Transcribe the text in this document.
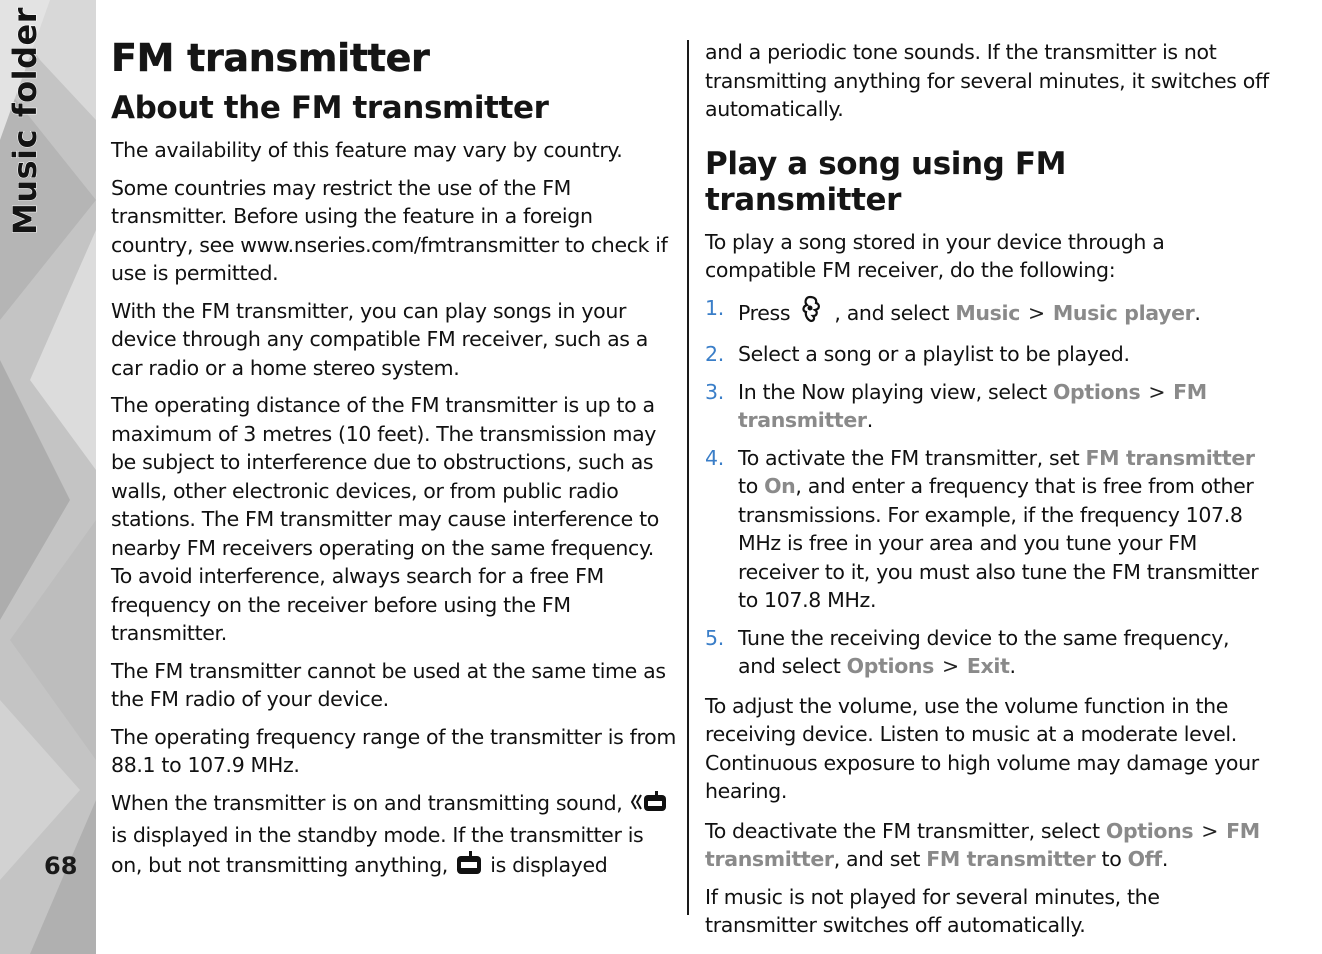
Music folder
68
FM transmitter
About the FM transmitter

The availability of this feature may vary by country.

Some countries may restrict the use of the FM transmitter. Before using the feature in a foreign country, see www.nseries.com/fmtransmitter to check if use is permitted.

With the FM transmitter, you can play songs in your device through any compatible FM receiver, such as a car radio or a home stereo system.

The operating distance of the FM transmitter is up to a maximum of 3 metres (10 feet). The transmission may be subject to interference due to obstructions, such as walls, other electronic devices, or from public radio stations. The FM transmitter may cause interference to nearby FM receivers operating on the same frequency. To avoid interference, always search for a free FM frequency on the receiver before using the FM transmitter.

The FM transmitter cannot be used at the same time as the FM radio of your device.

The operating frequency range of the transmitter is from 88.1 to 107.9 MHz.

When the transmitter is on and transmitting sound, is displayed in the standby mode. If the transmitter is on, but not transmitting anything, is displayed

and a periodic tone sounds. If the transmitter is not transmitting anything for several minutes, it switches off automatically.

Play a song using FM transmitter

To play a song stored in your device through a compatible FM receiver, do the following:

1. Press , and select Music > Music player.

2. Select a song or a playlist to be played.

3. In the Now playing view, select Options > FM transmitter.

4. To activate the FM transmitter, set FM transmitter to On, and enter a frequency that is free from other transmissions. For example, if the frequency 107.8 MHz is free in your area and you tune your FM receiver to it, you must also tune the FM transmitter to 107.8 MHz.

5. Tune the receiving device to the same frequency, and select Options > Exit.

To adjust the volume, use the volume function in the receiving device. Listen to music at a moderate level. Continuous exposure to high volume may damage your hearing.

To deactivate the FM transmitter, select Options > FM transmitter, and set FM transmitter to Off.

If music is not played for several minutes, the transmitter switches off automatically.
